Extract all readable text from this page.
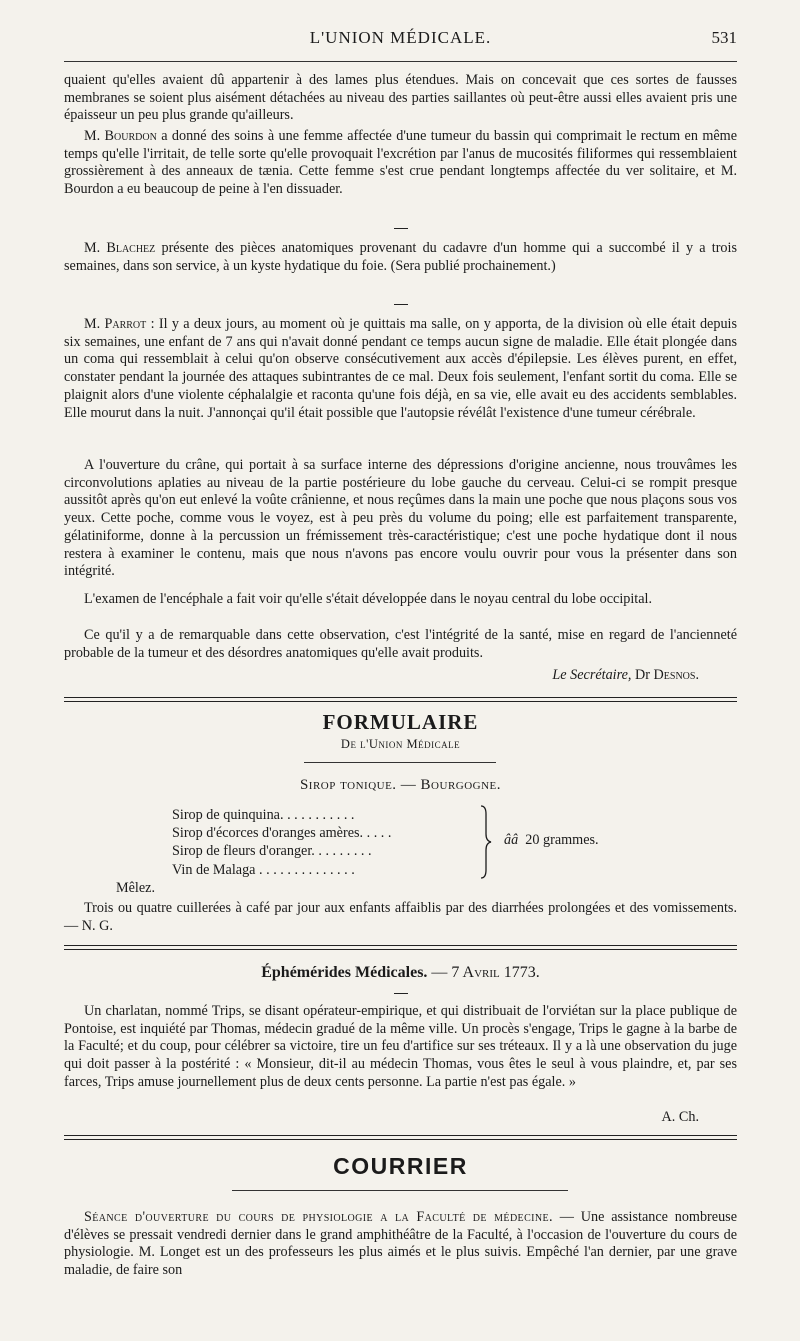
L'UNION MÉDICALE.	531

quaient qu'elles avaient dû appartenir à des lames plus étendues. Mais on concevait que ces sortes de fausses membranes se soient plus aisément détachées au niveau des parties saillantes où peut-être aussi elles avaient pris une épaisseur un peu plus grande qu'ailleurs.

M. Bourdon a donné des soins à une femme affectée d'une tumeur du bassin qui comprimait le rectum en même temps qu'elle l'irritait, de telle sorte qu'elle provoquait l'excrétion par l'anus de mucosités filiformes qui ressemblaient grossièrement à des anneaux de tænia. Cette femme s'est crue pendant longtemps affectée du ver solitaire, et M. Bourdon a eu beaucoup de peine à l'en dissuader.

M. Blachez présente des pièces anatomiques provenant du cadavre d'un homme qui a succombé il y a trois semaines, dans son service, à un kyste hydatique du foie. (Sera publié prochainement.)

M. Parrot : Il y a deux jours, au moment où je quittais ma salle, on y apporta, de la division où elle était depuis six semaines, une enfant de 7 ans qui n'avait donné pendant ce temps aucun signe de maladie. Elle était plongée dans un coma qui ressemblait à celui qu'on observe consécutivement aux accès d'épilepsie. Les élèves purent, en effet, constater pendant la journée des attaques subintrantes de ce mal. Deux fois seulement, l'enfant sortit du coma. Elle se plaignit alors d'une violente céphalalgie et raconta qu'une fois déjà, en sa vie, elle avait eu des accidents semblables. Elle mourut dans la nuit. J'annonçai qu'il était possible que l'autopsie révélât l'existence d'une tumeur cérébrale.

A l'ouverture du crâne, qui portait à sa surface interne des dépressions d'origine ancienne, nous trouvâmes les circonvolutions aplaties au niveau de la partie postérieure du lobe gauche du cerveau. Celui-ci se rompit presque aussitôt après qu'on eut enlevé la voûte crânienne, et nous reçûmes dans la main une poche que nous plaçons sous vos yeux. Cette poche, comme vous le voyez, est à peu près du volume du poing; elle est parfaitement transparente, gélatiniforme, donne à la percussion un frémissement très-caractéristique; c'est une poche hydatique dont il nous restera à examiner le contenu, mais que nous n'avons pas encore voulu ouvrir pour vous la présenter dans son intégrité.

L'examen de l'encéphale a fait voir qu'elle s'était développée dans le noyau central du lobe occipital.

Ce qu'il y a de remarquable dans cette observation, c'est l'intégrité de la santé, mise en regard de l'ancienneté probable de la tumeur et des désordres anatomiques qu'elle avait produits.

Le Secrétaire, Dr Desnos.
FORMULAIRE
De l'Union Médicale
Sirop tonique. — Bourgogne.
Sirop de quinquina. . . . . . . . . . .
Sirop d'écorces d'oranges amères. . . . .
Sirop de fleurs d'oranger. . . . . . . . .
Vin de Malaga . . . . . . . . . . . . . .
ââ 20 grammes.

Mêlez.

Trois ou quatre cuillerées à café par jour aux enfants affaiblis par des diarrhées prolongées et des vomissements. — N. G.

Éphémérides Médicales. — 7 Avril 1773.

Un charlatan, nommé Trips, se disant opérateur-empirique, et qui distribuait de l'orviétan sur la place publique de Pontoise, est inquiété par Thomas, médecin gradué de la même ville. Un procès s'engage, Trips le gagne à la barbe de la Faculté; et du coup, pour célébrer sa victoire, tire un feu d'artifice sur ses tréteaux. Il y a là une observation du juge qui doit passer à la postérité : « Monsieur, dit-il au médecin Thomas, vous êtes le seul à vous plaindre, et, par ses farces, Trips amuse journellement plus de deux cents personne. La partie n'est pas égale. »

A. Ch.
COURRIER

Séance d'ouverture du cours de physiologie a la Faculté de médecine. — Une assistance nombreuse d'élèves se pressait vendredi dernier dans le grand amphithéâtre de la Faculté, à l'occasion de l'ouverture du cours de physiologie. M. Longet est un des professeurs les plus aimés et le plus suivis. Empêché l'an dernier, par une grave maladie, de faire son
